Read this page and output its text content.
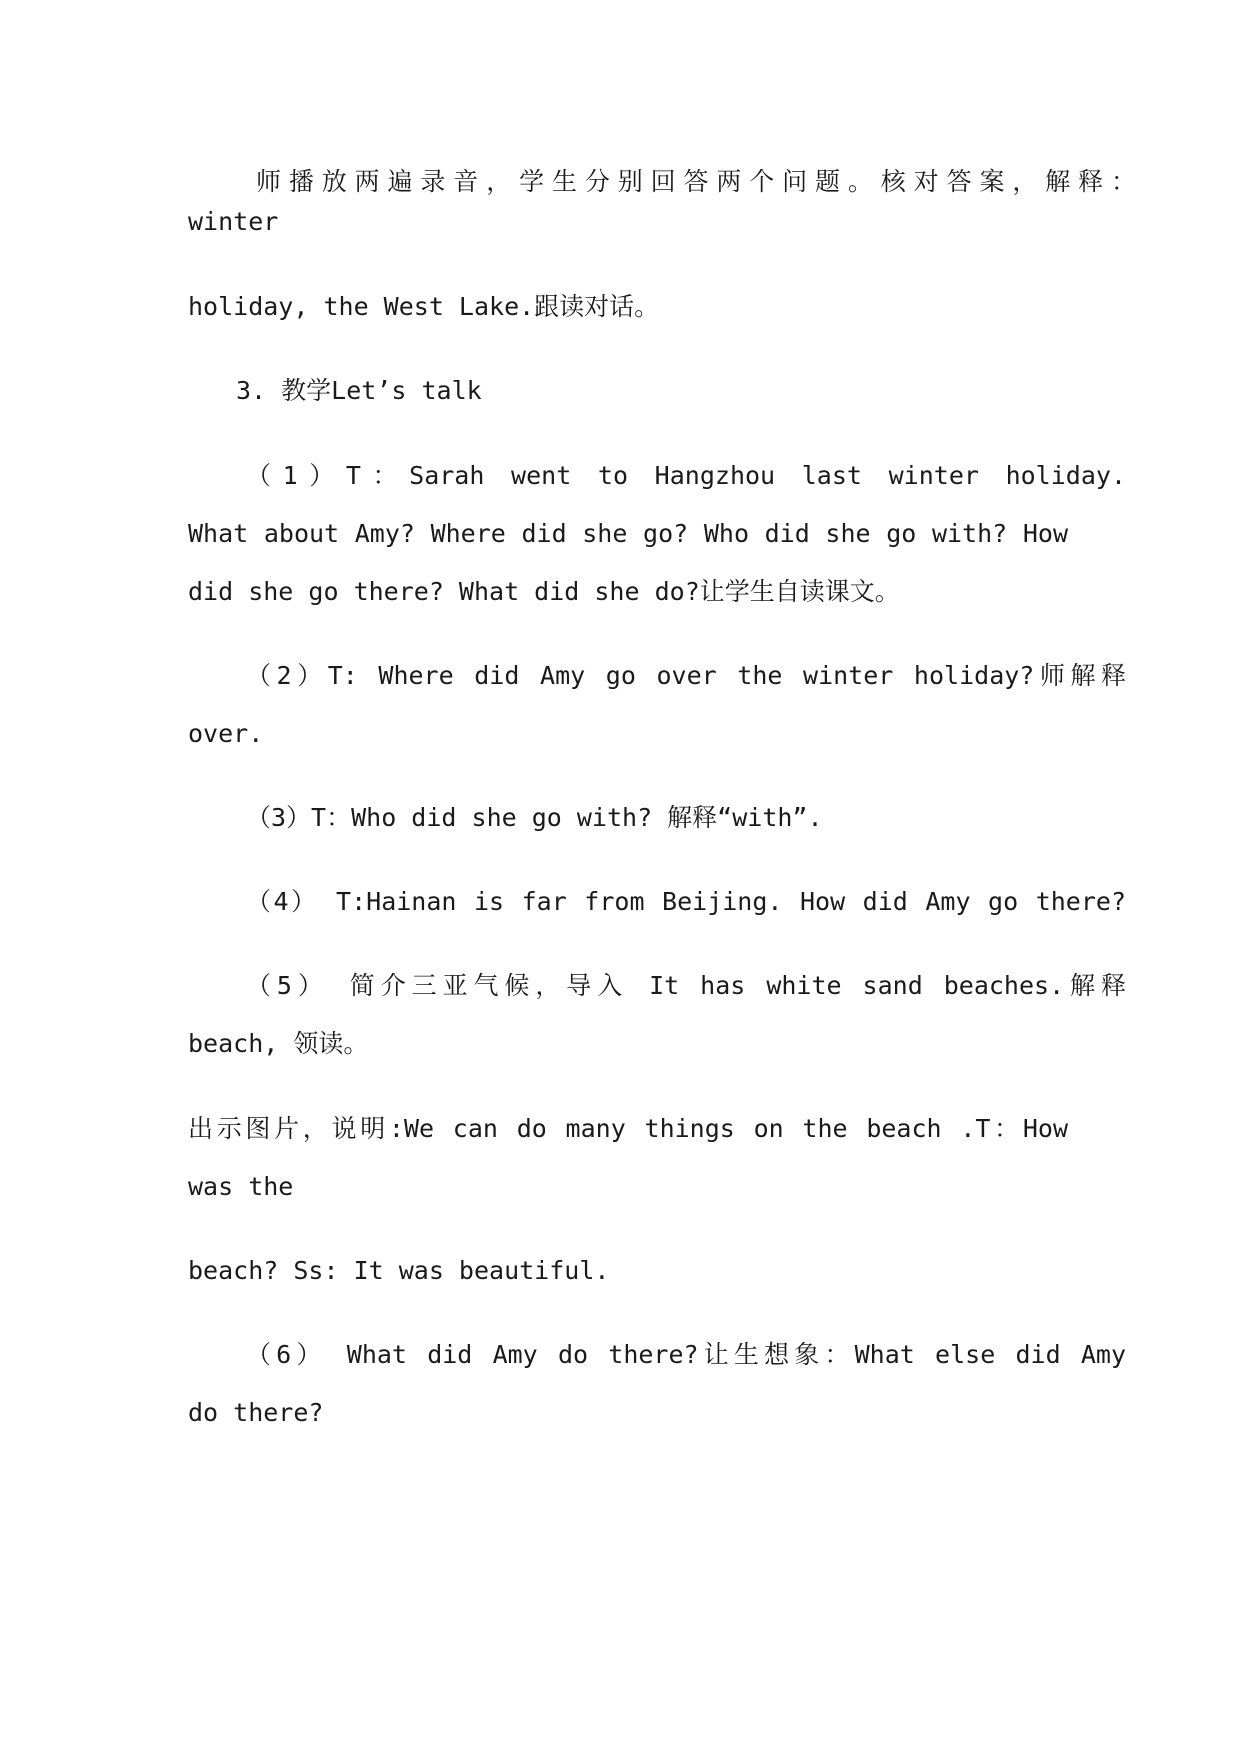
师播放两遍录音，学生分别回答两个问题。核对答案，解释：

winter

holiday, the West Lake.跟读对话。

3. 教学Let’s talk

（1）T：Sarah went to Hangzhou last winter holiday.

What about Amy? Where did she go? Who did she go with? How

did she go there? What did she do?让学生自读课文。

（2）T: Where did Amy go over the winter holiday?师解释

over.

（3）T：Who did she go with? 解释“with”.

（4） T:Hainan is far from Beijing. How did Amy go there?

（5） 简介三亚气候，导入 It has white sand beaches.解释

beach, 领读。

出示图片，说明:We can do many things on the beach .T：How

was the

beach? Ss: It was beautiful.

（6） What did Amy do there?让生想象：What else did Amy

do there?
